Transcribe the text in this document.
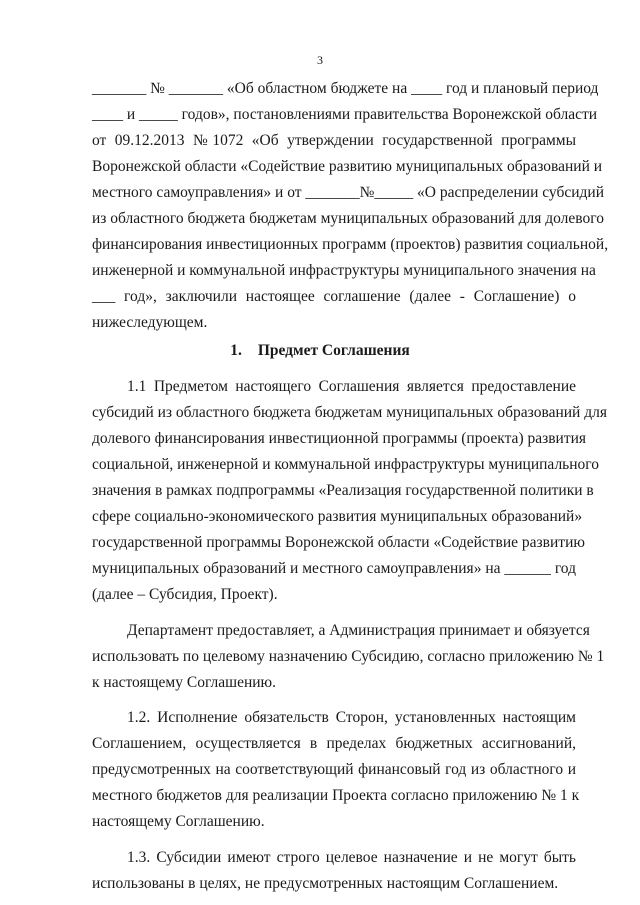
3
_______ № _______ «Об областном бюджете на ____ год и плановый период
____ и _____ годов», постановлениями правительства Воронежской области
от 09.12.2013 №1072 «Об утверждении государственной программы
Воронежской области «Содействие развитию муниципальных образований и
местного самоуправления» и от _______№_____ «О распределении субсидий
из областного бюджета бюджетам муниципальных образований для долевого
финансирования инвестиционных программ (проектов) развития социальной,
инженерной и коммунальной инфраструктуры муниципального значения на
___ год», заключили настоящее соглашение (далее - Соглашение) о
нижеследующем.
1. Предмет Соглашения
1.1 Предметом настоящего Соглашения является предоставление
субсидий из областного бюджета бюджетам муниципальных образований для
долевого финансирования инвестиционной программы (проекта) развития
социальной, инженерной и коммунальной инфраструктуры муниципального
значения в рамках подпрограммы «Реализация государственной политики в
сфере социально-экономического развития муниципальных образований»
государственной программы Воронежской области «Содействие развитию
муниципальных образований и местного самоуправления» на ______ год
(далее – Субсидия, Проект).
Департамент предоставляет, а Администрация принимает и обязуется
использовать по целевому назначению Субсидию, согласно приложению № 1
к настоящему Соглашению.
1.2. Исполнение обязательств Сторон, установленных настоящим
Соглашением, осуществляется в пределах бюджетных ассигнований,
предусмотренных на соответствующий финансовый год из областного и
местного бюджетов для реализации Проекта согласно приложению № 1 к
настоящему Соглашению.
1.3. Субсидии имеют строго целевое назначение и не могут быть
использованы в целях, не предусмотренных настоящим Соглашением.
